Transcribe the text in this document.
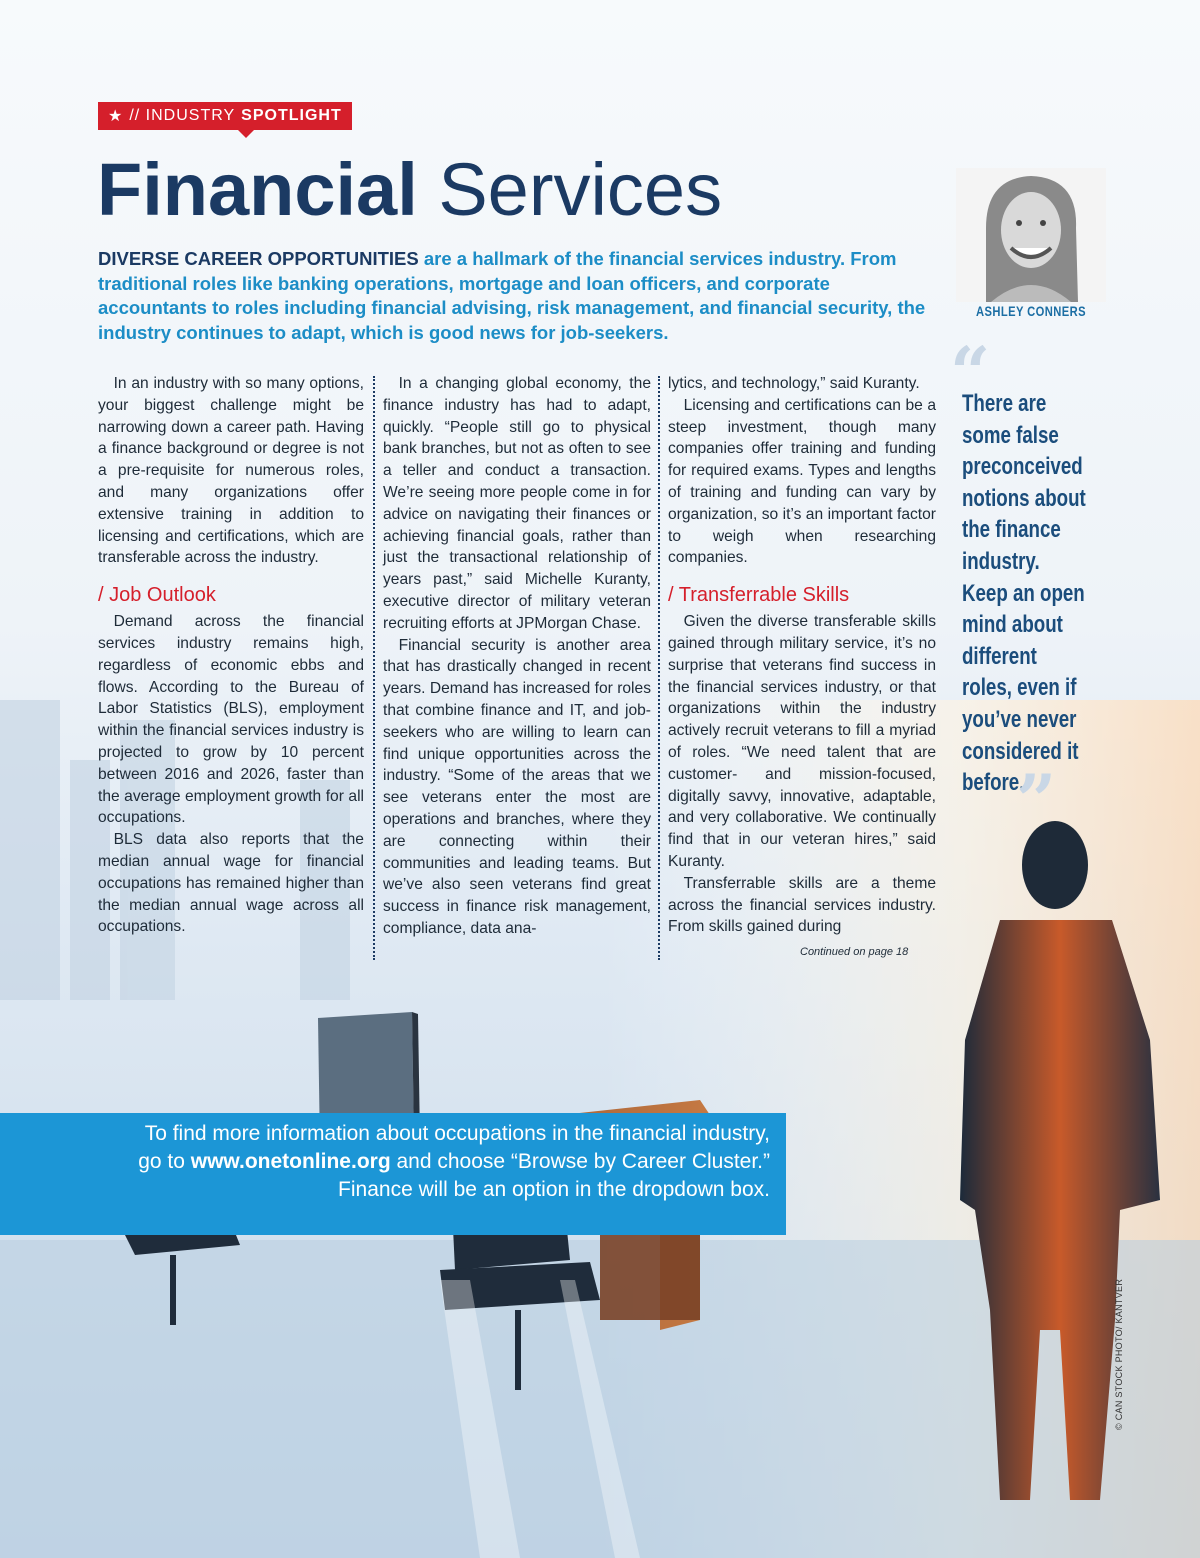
★ // INDUSTRY SPOTLIGHT
Financial Services
DIVERSE CAREER OPPORTUNITIES are a hallmark of the financial services industry. From traditional roles like banking operations, mortgage and loan officers, and corporate accountants to roles including financial advising, risk management, and financial security, the industry continues to adapt, which is good news for job-seekers.
ASHLEY CONNERS

In an industry with so many options, your biggest challenge might be narrowing down a career path. Having a finance background or degree is not a pre-requisite for numerous roles, and many organizations offer extensive training in addition to licensing and certifications, which are transferable across the industry.

/ Job Outlook

Demand across the financial services industry remains high, regardless of economic ebbs and flows. According to the Bureau of Labor Statistics (BLS), employment within the financial services industry is projected to grow by 10 percent between 2016 and 2026, faster than the average employment growth for all occupations.

BLS data also reports that the median annual wage for financial occupations has remained higher than the median annual wage across all occupations.

In a changing global economy, the finance industry has had to adapt, quickly. “People still go to physical bank branches, but not as often to see a teller and conduct a transaction. We’re seeing more people come in for advice on navigating their finances or achieving financial goals, rather than just the transactional relationship of years past,” said Michelle Kuranty, executive director of military veteran recruiting efforts at JPMorgan Chase.

Financial security is another area that has drastically changed in recent years. Demand has increased for roles that combine finance and IT, and job-seekers who are willing to learn can find unique opportunities across the industry. “Some of the areas that we see veterans enter the most are operations and branches, where they are connecting within their communities and leading teams. But we’ve also seen veterans find great success in finance risk management, compliance, data ana-

lytics, and technology,” said Kuranty.

Licensing and certifications can be a steep investment, though many companies offer training and funding for required exams. Types and lengths of training and funding can vary by organization, so it’s an important factor to weigh when researching companies.

/ Transferrable Skills

Given the diverse transferable skills gained through military service, it’s no surprise that veterans find success in the financial services industry, or that organizations within the industry actively recruit veterans to fill a myriad of roles. “We need talent that are customer- and mission-focused, digitally savvy, innovative, adaptable, and very collaborative. We continually find that in our veteran hires,” said Kuranty.

Transferrable skills are a theme across the financial services industry. From skills gained during

Continued on page 18
“
There are some false preconceived notions about the finance industry. Keep an open mind about different roles, even if you’ve never considered it before.
”
To find more information about occupations in the financial industry,
go to www.onetonline.org and choose “Browse by Career Cluster.”
Finance will be an option in the dropdown box.
© CAN STOCK PHOTO/ KANTVER
